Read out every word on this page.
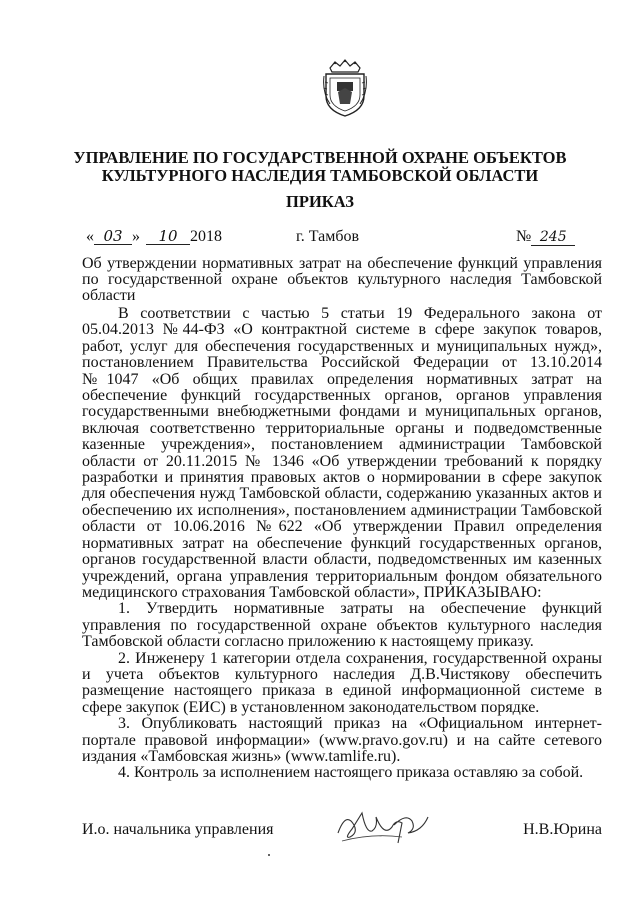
УПРАВЛЕНИЕ ПО ГОСУДАРСТВЕННОЙ ОХРАНЕ ОБЪЕКТОВ
КУЛЬТУРНОГО НАСЛЕДИЯ ТАМБОВСКОЙ ОБЛАСТИ
ПРИКАЗ
« 03 » 10 2018	г. Тамбов	№ 245
Об утверждении нормативных затрат на обеспечение функций управления по государственной охране объектов культурного наследия Тамбовской области

В соответствии с частью 5 статьи 19 Федерального закона от 05.04.2013 №44-ФЗ «О контрактной системе в сфере закупок товаров, работ, услуг для обеспечения государственных и муниципальных нужд», постановлением Правительства Российской Федерации от 13.10.2014 №1047 «Об общих правилах определения нормативных затрат на обеспечение функций государственных органов, органов управления государственными внебюджетными фондами и муниципальных органов, включая соответственно территориальные органы и подведомственные казенные учреждения», постановлением администрации Тамбовской области от 20.11.2015 № 1346 «Об утверждении требований к порядку разработки и принятия правовых актов о нормировании в сфере закупок для обеспечения нужд Тамбовской области, содержанию указанных актов и обеспечению их исполнения», постановлением администрации Тамбовской области от 10.06.2016 №622 «Об утверждении Правил определения нормативных затрат на обеспечение функций государственных органов, органов государственной власти области, подведомственных им казенных учреждений, органа управления территориальным фондом обязательного медицинского страхования Тамбовской области», ПРИКАЗЫВАЮ:

1. Утвердить нормативные затраты на обеспечение функций управления по государственной охране объектов культурного наследия Тамбовской области согласно приложению к настоящему приказу.

2. Инженеру 1 категории отдела сохранения, государственной охраны и учета объектов культурного наследия Д.В.Чистякову обеспечить размещение настоящего приказа в единой информационной системе в сфере закупок (ЕИС) в установленном законодательством порядке.

3. Опубликовать настоящий приказ на «Официальном интернет-портале правовой информации» (www.pravo.gov.ru) и на сайте сетевого издания «Тамбовская жизнь» (www.tamlife.ru).

4. Контроль за исполнением настоящего приказа оставляю за собой.

И.о. начальника управления	Н.В.Юрина
